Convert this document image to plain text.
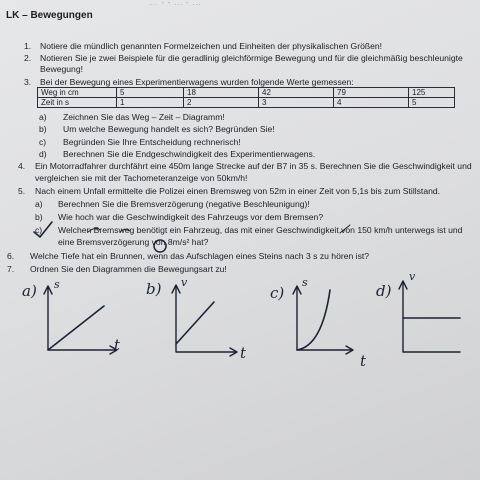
... - - ... - ...
LK – Bewegungen
1. Notiere die mündlich genannten Formelzeichen und Einheiten der physikalischen Größen!
2. Notieren Sie je zwei Beispiele für die geradlinig gleichförmige Bewegung und für die gleichmäßig beschleunigte
Bewegung!
3. Bei der Bewegung eines Experimentierwagens wurden folgende Werte gemessen:
Weg in cm	5	18	42	79	125
Zeit in s	1	2	3	4	5
a) Zeichnen Sie das Weg – Zeit – Diagramm!
b) Um welche Bewegung handelt es sich? Begründen Sie!
c) Begründen Sie Ihre Entscheidung rechnerisch!
d) Berechnen Sie die Endgeschwindigkeit des Experimentierwagens.
4. Ein Motorradfahrer durchfährt eine 450m lange Strecke auf der B7 in 35 s. Berechnen Sie die Geschwindigkeit und
vergleichen sie mit der Tachometeranzeige von 50km/h!
5. Nach einem Unfall ermittelte die Polizei einen Bremsweg von 52m in einer Zeit von 5,1s bis zum Stillstand.
a) Berechnen Sie die Bremsverzögerung (negative Beschleunigung)!
b) Wie hoch war die Geschwindigkeit des Fahrzeugs vor dem Bremsen?
c) Welchen Bremsweg benötigt ein Fahrzeug, das mit einer Geschwindigkeit von 150 km/h unterwegs ist und
eine Bremsverzögerung von 8m/s² hat?
6. Welche Tiefe hat ein Brunnen, wenn das Aufschlagen eines Steins nach 3 s zu hören ist?
7. Ordnen Sie den Diagrammen die Bewegungsart zu!
a) s
t
b) v
t
c)
s
t
d)
v
